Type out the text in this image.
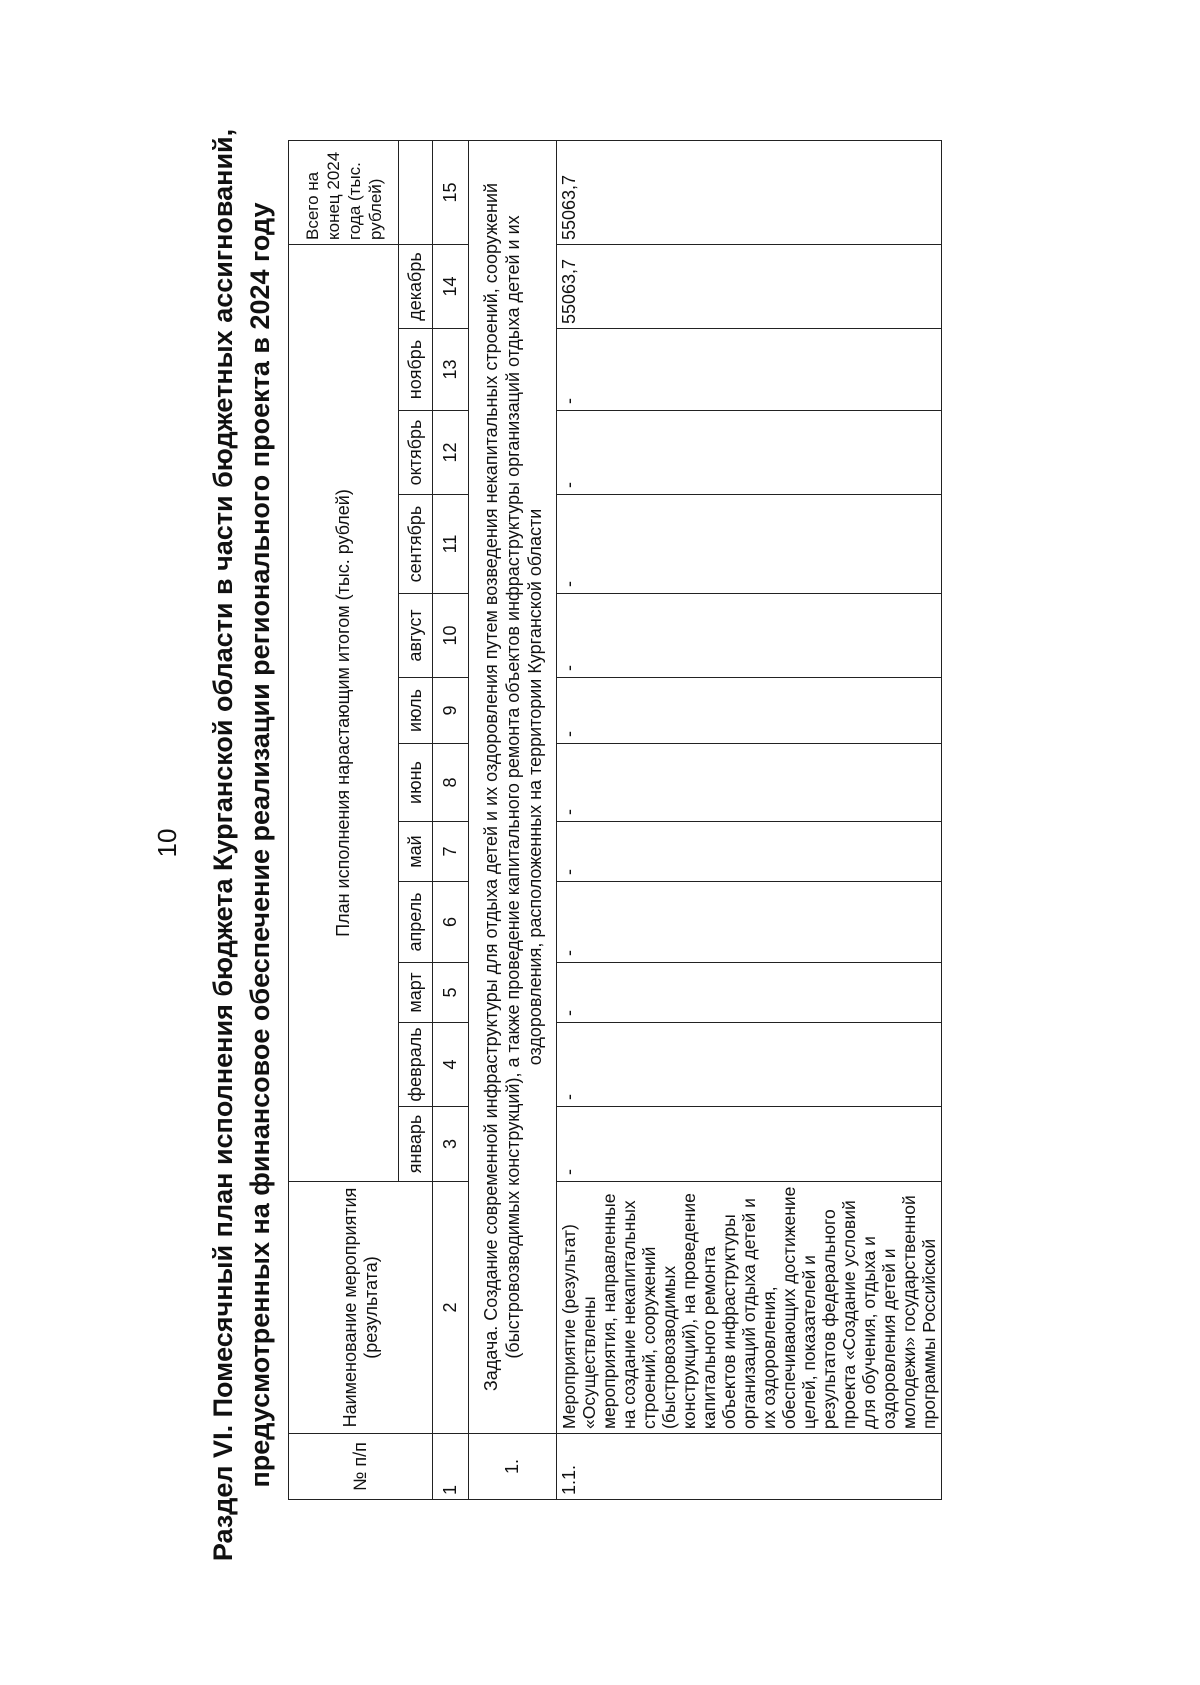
10 Раздел VI. Помесячный план исполнения бюджета Курганской области в части бюджетных ассигнований, предусмотренных на финансовое обеспечение реализации регионального проекта в 2024 году	№ п/п	Наименование мероприятия (результата)	План исполнения нарастающим итогом (тыс. рублей)												Всего на конец 2024 года (тыс. рублей)
		январь	февраль	март	апрель	май	июнь	июль	август	сентябрь	октябрь	ноябрь	декабрь	
1	2	3	4	5	6	7	8	9	10	11	12	13	14	15
1.	Задача. Создание современной инфраструктуры для отдыха детей и их оздоровления путем возведения некапитальных строений, сооружений (быстровозводимых конструкций), а также проведение капитального ремонта объектов инфраструктуры организаций отдыха детей и их оздоровления, расположенных на территории Курганской области													
1.1.	Мероприятие (результат) «Осуществлены мероприятия, направленные на создание некапитальных строений, сооружений (быстровозводимых конструкций), на проведение капитального ремонта объектов инфраструктуры организаций отдыха детей и их оздоровления, обеспечивающих достижение целей, показателей и результатов федерального проекта «Создание условий для обучения, отдыха и оздоровления детей и молодежи» государственной программы Российской	-	-	-	-	-	-	-	-	-	-	-	55063,7	55063,7
